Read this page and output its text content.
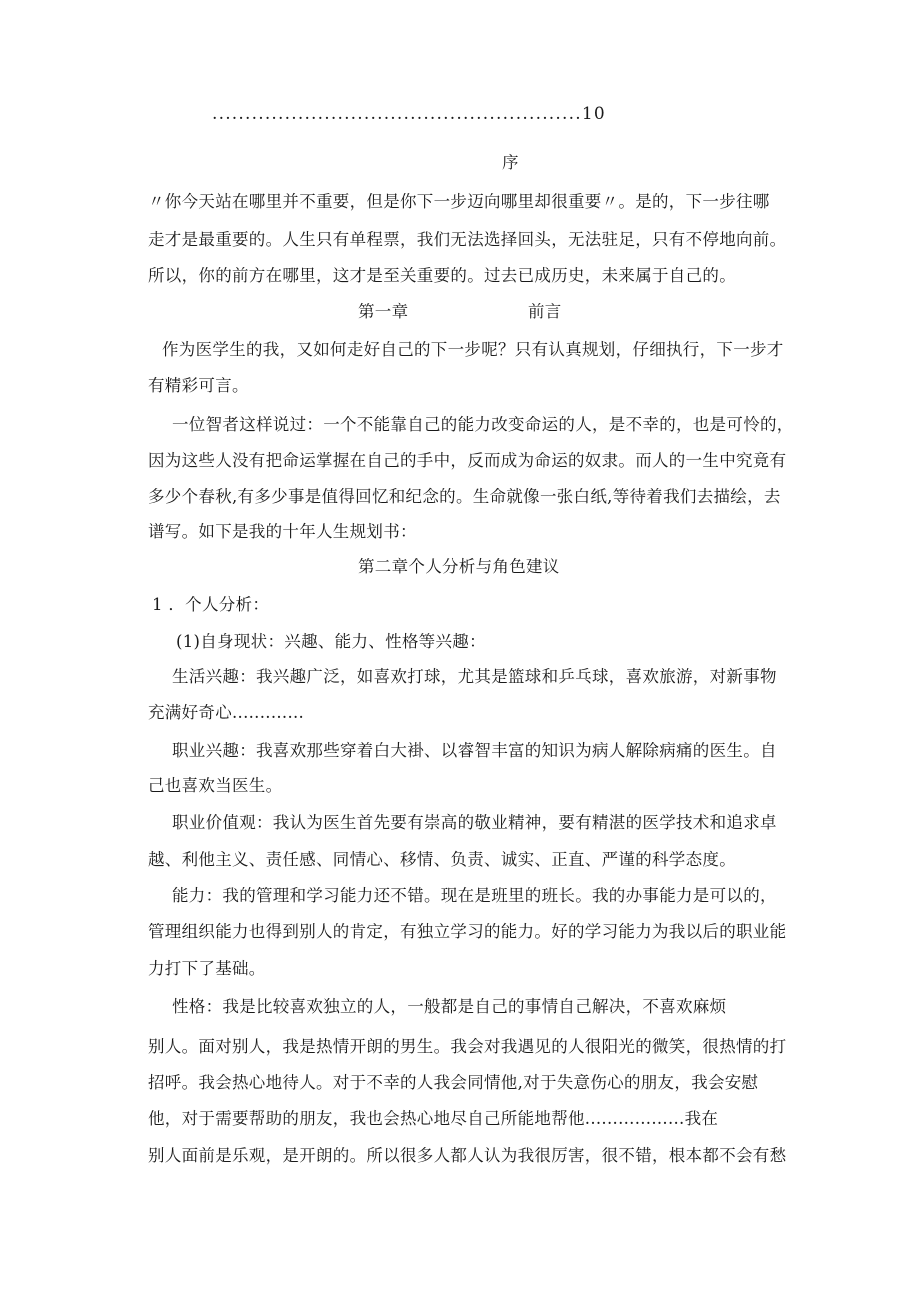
........................................................10
序
〃你今天站在哪里并不重要，但是你下一步迈向哪里却很重要〃。是的，下一步往哪
走才是最重要的。人生只有单程票，我们无法选择回头，无法驻足，只有不停地向前。
所以，你的前方在哪里，这才是至关重要的。过去已成历史，未来属于自己的。
第一章	前言
作为医学生的我，又如何走好自己的下一步呢？只有认真规划，仔细执行，下一步才
有精彩可言。
一位智者这样说过：一个不能靠自己的能力改变命运的人，是不幸的，也是可怜的，
因为这些人没有把命运掌握在自己的手中，反而成为命运的奴隶。而人的一生中究竟有
多少个春秋,有多少事是值得回忆和纪念的。生命就像一张白纸,等待着我们去描绘，去
谱写。如下是我的十年人生规划书：
第二章个人分析与角色建议
1 ．个人分析：
(1)自身现状：兴趣、能力、性格等兴趣：
生活兴趣：我兴趣广泛，如喜欢打球，尤其是篮球和乒乓球，喜欢旅游，对新事物
充满好奇心.............
职业兴趣：我喜欢那些穿着白大褂、以睿智丰富的知识为病人解除病痛的医生。自
己也喜欢当医生。
职业价值观：我认为医生首先要有崇高的敬业精神，要有精湛的医学技术和追求卓
越、利他主义、责任感、同情心、移情、负责、诚实、正直、严谨的科学态度。
能力：我的管理和学习能力还不错。现在是班里的班长。我的办事能力是可以的，
管理组织能力也得到别人的肯定，有独立学习的能力。好的学习能力为我以后的职业能
力打下了基础。
性格：我是比较喜欢独立的人，一般都是自己的事情自己解决，不喜欢麻烦
别人。面对别人，我是热情开朗的男生。我会对我遇见的人很阳光的微笑，很热情的打
招呼。我会热心地待人。对于不幸的人我会同情他,对于失意伤心的朋友，我会安慰
他，对于需要帮助的朋友，我也会热心地尽自己所能地帮他..................我在
别人面前是乐观，是开朗的。所以很多人都人认为我很厉害，很不错，根本都不会有愁
